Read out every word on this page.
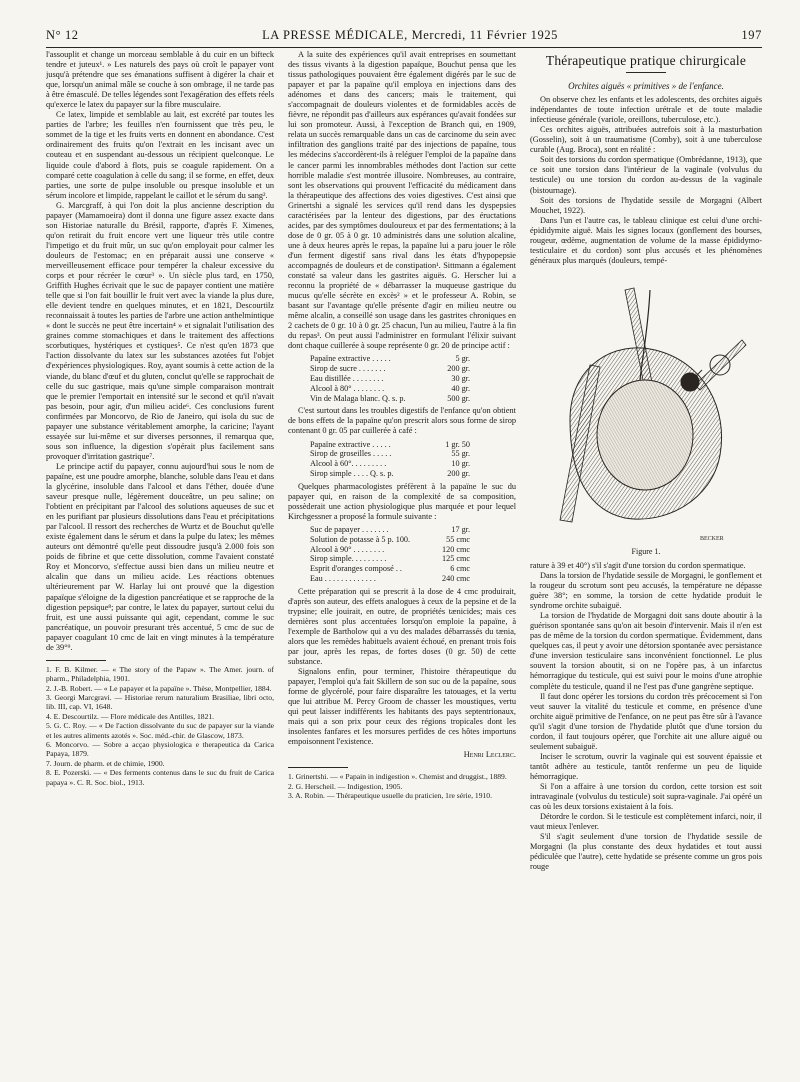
N° 12	LA PRESSE MÉDICALE, Mercredi, 11 Février 1925	197

l'assouplit et change un morceau semblable à du cuir en un bifteck tendre et juteux¹. » Les naturels des pays où croît le papayer vont jusqu'à prétendre que ses émanations suffisent à digérer la chair et que, lorsqu'un animal mâle se couche à son ombrage, il ne tarde pas à être émasculé. De telles légendes sont l'exagération des effets réels qu'exerce le latex du papayer sur la fibre musculaire.

Ce latex, limpide et semblable au lait, est excrété par toutes les parties de l'arbre; les feuilles n'en fournissent que très peu, le sommet de la tige et les fruits verts en donnent en abondance. C'est ordinairement des fruits qu'on l'extrait en les incisant avec un couteau et en suspendant au-dessous un récipient quelconque. Le liquide coule d'abord à flots, puis se coagule rapidement. On a comparé cette coagulation à celle du sang; il se forme, en effet, deux parties, une sorte de pulpe insoluble ou presque insoluble et un sérum incolore et limpide, rappelant le caillot et le sérum du sang².

G. Marcgraff, à qui l'on doit la plus ancienne description du papayer (Mamamoeira) dont il donna une figure assez exacte dans son Historiae naturalle du Brésil, rapporte, d'après F. Ximenes, qu'on retirait du fruit encore vert une liqueur très utile contre l'impetigo et du fruit mûr, un suc qu'on employait pour calmer les douleurs de l'estomac; en en préparait aussi une conserve « merveilleusement efficace pour tempérer la chaleur excessive du corps et pour récréer le cœur³ ». Un siècle plus tard, en 1750, Griffith Hughes écrivait que le suc de papayer contient une matière telle que si l'on fait bouillir le fruit vert avec la viande la plus dure, elle devient tendre en quelques minutes, et en 1821, Descourtilz reconnaissait à toutes les parties de l'arbre une action anthelmintique « dont le succès ne peut être incertain⁴ » et signalait l'utilisation des graines comme stomachiques et dans le traitement des affections scorbutiques, hystériques et cystiques⁵. Ce n'est qu'en 1873 que l'action dissolvante du latex sur les substances azotées fut l'objet d'expériences physiologiques. Roy, ayant soumis à cette action de la viande, du blanc d'œuf et du gluten, conclut qu'elle se rapprochait de celle du suc gastrique, mais qu'une simple comparaison montrait que le premier l'emportait en intensité sur le second et qu'il n'avait pas besoin, pour agir, d'un milieu acide⁶. Ces conclusions furent confirmées par Moncorvo, de Rio de Janeiro, qui isola du suc de papayer une substance véritablement amorphe, la caricine; l'ayant essayée sur lui-même et sur diverses personnes, il remarqua que, sous son influence, la digestion s'opérait plus facilement sans provoquer d'irritation gastrique⁷.

Le principe actif du papayer, connu aujourd'hui sous le nom de papaïne, est une poudre amorphe, blanche, soluble dans l'eau et dans la glycérine, insoluble dans l'alcool et dans l'éther, douée d'une saveur presque nulle, légèrement douceâtre, un peu saline; on l'obtient en précipitant par l'alcool des solutions aqueuses de suc et en les purifiant par plusieurs dissolutions dans l'eau et précipitations par l'alcool. Il ressort des recherches de Wurtz et de Bouchut qu'elle existe également dans le sérum et dans la pulpe du latex; les mêmes auteurs ont démontré qu'elle peut dissoudre jusqu'à 2.000 fois son poids de fibrine et que cette dissolution, comme l'avaient constaté Roy et Moncorvo, s'effectue aussi bien dans un milieu neutre et alcalin que dans un milieu acide. Les réactions obtenues ultérieurement par W. Harlay lui ont prouvé que la digestion papaïque s'éloigne de la digestion pancréatique et se rapproche de la digestion pepsique⁸; par contre, le latex du papayer, surtout celui du fruit, est une aussi puissante qui agit, cependant, comme le suc pancréatique, un pouvoir presurant très accentué, 5 cmc de suc de papayer coagulant 10 cmc de lait en vingt minutes à la température de 39°⁹.

1. F. B. Kilmer. — « The story of the Papaw ». The Amer. journ. of pharm., Philadelphia, 1901.

2. J.-B. Robert. — « Le papayer et la papaïne ». Thèse, Montpellier, 1884.

3. Georgi Marcgravi. — Historiae rerum naturalium Brasiliae, libri octo, lib. III, cap. VI, 1648.

4. E. Descourtilz. — Flore médicale des Antilles, 1821.

5. G. C. Roy. — « De l'action dissolvante du suc de papayer sur la viande et les autres aliments azotés ». Soc. méd.-chir. de Glascow, 1873.

6. Moncorvo. — Sobre a acçao physiologica e therapeutica da Carica Papaya, 1879.

7. Journ. de pharm. et de chimie, 1900.

8. E. Pozerski. — « Des ferments contenus dans le suc du fruit de Carica papaya ». C. R. Soc. biol., 1913.

A la suite des expériences qu'il avait entreprises en soumettant des tissus vivants à la digestion papaïque, Bouchut pensa que les tissus pathologiques pouvaient être également digérés par le suc de papayer et par la papaïne qu'il employa en injections dans des adénomes et dans des cancers; mais le traitement, qui s'accompagnait de douleurs violentes et de formidables accès de fièvre, ne répondit pas d'ailleurs aux espérances qu'avait fondées sur lui son promoteur. Aussi, à l'exception de Branch qui, en 1909, relata un succès remarquable dans un cas de carcinome du sein avec infiltration des ganglions traité par des injections de papaïne, tous les médecins s'accordèrent-ils à reléguer l'emploi de la papaïne dans le cancer parmi les innombrables méthodes dont l'action sur cette horrible maladie s'est montrée illusoire. Nombreuses, au contraire, sont les observations qui prouvent l'efficacité du médicament dans la thérapeutique des affections des voies digestives. C'est ainsi que Grinertshi a signalé les services qu'il rend dans les dyspepsies caractérisées par la lenteur des digestions, par des éructations acides, par des symptômes douloureux et par des fermentations; à la dose de 0 gr. 05 à 0 gr. 10 administrés dans une solution alcaline, une à deux heures après le repas, la papaïne lui a paru jouer le rôle d'un ferment digestif sans rival dans les états d'hypopepsie accompagnés de douleurs et de constipation¹. Sittmann a également constaté sa valeur dans les gastrites aiguës. G. Herscher lui a reconnu la propriété de « débarrasser la muqueuse gastrique du mucus qu'elle sécrète en excès² » et le professeur A. Robin, se basant sur l'avantage qu'elle présente d'agir en milieu neutre ou même alcalin, a conseillé son usage dans les gastrites chroniques en 2 cachets de 0 gr. 10 à 0 gr. 25 chacun, l'un au milieu, l'autre à la fin du repas³. On peut aussi l'administrer en formulant l'élixir suivant dont chaque cuillerée à soupe représente 0 gr. 20 de principe actif :

Papaïne extractive . . . . .	5 gr.
Sirop de sucre . . . . . . .	200 gr.
Eau distillée . . . . . . . .	30 gr.
Alcool à 80° . . . . . . . .	40 gr.
Vin de Malaga blanc. Q. s. p.	500 gr.

C'est surtout dans les troubles digestifs de l'enfance qu'on obtient de bons effets de la papaïne qu'on prescrit alors sous forme de sirop contenant 0 gr. 05 par cuillerée à café :

Papaïne extractive . . . . .	1 gr. 50
Sirop de groseilles . . . . .	55 gr.
Alcool à 60°. . . . . . . . .	10 gr.
Sirop simple . . . . Q. s. p.	200 gr.

Quelques pharmacologistes préfèrent à la papaïne le suc du papayer qui, en raison de la complexité de sa composition, possèderait une action physiologique plus marquée et pour lequel Kirchgessner a proposé la formule suivante :

Suc de papayer . . . . . . .	17 gr.
Solution de potasse à 5 p. 100.	55 cmc
Alcool à 90° . . . . . . . .	120 cmc
Sirop simple. . . . . . . . .	125 cmc
Esprit d'oranges composé . .	6 cmc
Eau . . . . . . . . . . . . .	240 cmc

Cette préparation qui se prescrit à la dose de 4 cmc produirait, d'après son auteur, des effets analogues à ceux de la pepsine et de la trypsine; elle jouirait, en outre, de propriétés tænicides; mais ces dernières sont plus accentuées lorsqu'on emploie la papaïne, à l'exemple de Bartholow qui a vu des malades débarrassés du tænia, alors que les remèdes habituels avaient échoué, en prenant trois fois par jour, après les repas, de fortes doses (0 gr. 50) de cette substance.

Signalons enfin, pour terminer, l'histoire thérapeutique du papayer, l'emploi qu'a fait Skillern de son suc ou de la papaïne, sous forme de glycérolé, pour faire disparaître les tatouages, et la vertu que lui attribue M. Percy Groom de chasser les moustiques, vertu qui peut laisser indifférents les habitants des pays septentrionaux, mais qui a son prix pour ceux des régions tropicales dont les insolentes fanfares et les morsures perfides de ces hôtes importuns empoisonnent l'existence.

Henri Leclerc.

1. Grinertshi. — « Papain in indigestion ». Chemist and druggist., 1889.

2. G. Herscheil. — Indigestion, 1905.

3. A. Robin. — Thérapeutique usuelle du praticien, 1re série, 1910.

Thérapeutique pratique chirurgicale
Orchites aiguës « primitives » de l'enfance.

On observe chez les enfants et les adolescents, des orchites aiguës indépendantes de toute infection urétrale et de toute maladie infectieuse générale (variole, oreillons, tuberculose, etc.).

Ces orchites aiguës, attribuées autrefois soit à la masturbation (Gosselin), soit à un traumatisme (Comby), soit à une tuberculose curable (Aug. Broca), sont en réalité :

Soit des torsions du cordon spermatique (Ombrédanne, 1913), que ce soit une torsion dans l'intérieur de la vaginale (volvulus du testicule) ou une torsion du cordon au-dessus de la vaginale (bistournage).

Soit des torsions de l'hydatide sessile de Morgagni (Albert Mouchet, 1922).

Dans l'un et l'autre cas, le tableau clinique est celui d'une orchi-épididymite aiguë. Mais les signes locaux (gonflement des bourses, rougeur, œdème, augmentation de volume de la masse épididymo-testiculaire et du cordon) sont plus accusés et les phénomènes généraux plus marqués (douleurs, tempé-

BECKER
Figure 1.

rature à 39 et 40°) s'il s'agit d'une torsion du cordon spermatique.

Dans la torsion de l'hydatide sessile de Morgagni, le gonflement et la rougeur du scrotum sont peu accusés, la température ne dépasse guère 38°; en somme, la torsion de cette hydatide produit le syndrome orchite subaiguë.

La torsion de l'hydatide de Morgagni doit sans doute aboutir à la guérison spontanée sans qu'on ait besoin d'intervenir. Mais il n'en est pas de même de la torsion du cordon spermatique. Évidemment, dans quelques cas, il peut y avoir une détorsion spontanée avec persistance d'une inversion testiculaire sans inconvénient fonctionnel. Le plus souvent la torsion aboutit, si on ne l'opère pas, à un infarctus hémorragique du testicule, qui est suivi pour le moins d'une atrophie complète du testicule, quand il ne l'est pas d'une gangrène septique.

Il faut donc opérer les torsions du cordon très précocement si l'on veut sauver la vitalité du testicule et comme, en présence d'une orchite aiguë primitive de l'enfance, on ne peut pas être sûr à l'avance qu'il s'agit d'une torsion de l'hydatide plutôt que d'une torsion du cordon, il faut toujours opérer, que l'orchite ait une allure aiguë ou seulement subaiguë.

Inciser le scrotum, ouvrir la vaginale qui est souvent épaissie et tantôt adhère au testicule, tantôt renferme un peu de liquide hémorragique.

Si l'on a affaire à une torsion du cordon, cette torsion est soit intravaginale (volvulus du testicule) soit supra-vaginale. J'ai opéré un cas où les deux torsions existaient à la fois.

Détordre le cordon. Si le testicule est complètement infarci, noir, il vaut mieux l'enlever.

S'il s'agit seulement d'une torsion de l'hydatide sessile de Morgagni (la plus constante des deux hydatides et tout aussi pédiculée que l'autre), cette hydatide se présente comme un gros pois rouge
